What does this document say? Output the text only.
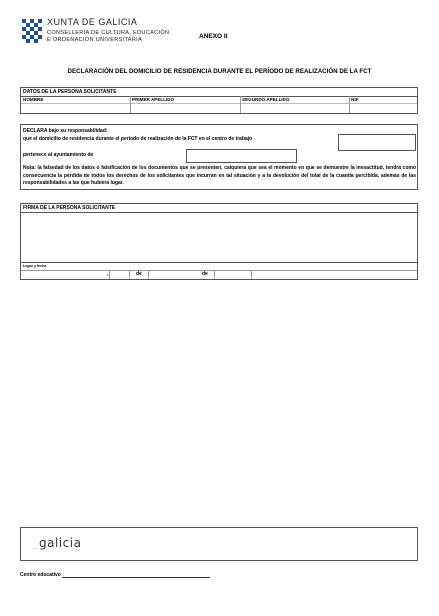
XUNTA DE GALICIA
CONSELLERÍA DE CULTURA, EDUCACIÓN
E ORDENACIÓN UNIVERSITARIA	ANEXO II
DECLARACIÓN DEL DOMICILIO DE RESIDENCIA DURANTE EL PERÍODO DE REALIZACIÓN DE LA FCT
DATOS DE LA PERSONA SOLICITANTE
NOMBRE	PRIMER APELLIDO	SEGUNDO APELLIDO	NIF
DECLARA bajo su responsabilidad:
que el domicilio de residencia durante el período de realización de la FCT en el centro de trabajo
pertenece al ayuntamiento de
Nota: la falsedad de los datos o falsificación de los documentos que se presenten, calquiera que sea el momento en que se demuestre la inexactitud, tendrá como consecuencia la pérdida de todos los derechos de los solicitantes que incurran en tal situación y a la devolución del total de la cuantía percibida, además de las responsabilidades a las que hubiera lugar.
FIRMA DE LA PERSONA SOLICITANTE
Lugar y fecha
,	de	de
··· galicia
Centro educativo
